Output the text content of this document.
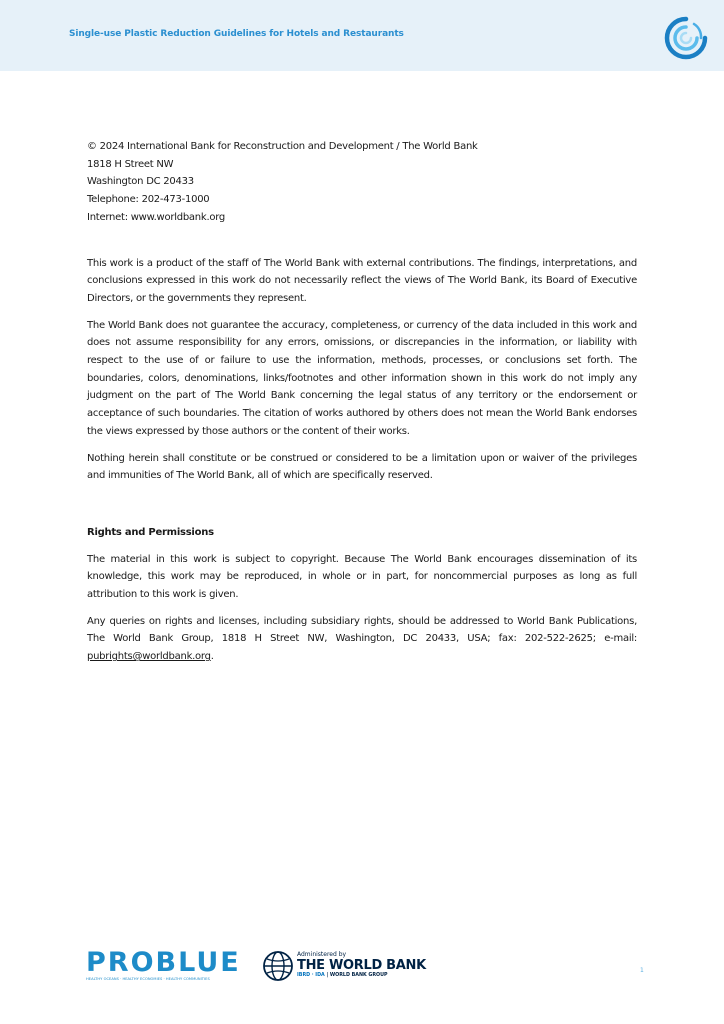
Single-use Plastic Reduction Guidelines for Hotels and Restaurants
© 2024 International Bank for Reconstruction and Development / The World Bank
1818 H Street NW
Washington DC 20433
Telephone: 202-473-1000
Internet: www.worldbank.org

This work is a product of the staff of The World Bank with external contributions. The findings, interpretations, and conclusions expressed in this work do not necessarily reflect the views of The World Bank, its Board of Executive Directors, or the governments they represent.

The World Bank does not guarantee the accuracy, completeness, or currency of the data included in this work and does not assume responsibility for any errors, omissions, or discrepancies in the information, or liability with respect to the use of or failure to use the information, methods, processes, or conclusions set forth. The boundaries, colors, denominations, links/footnotes and other information shown in this work do not imply any judgment on the part of The World Bank concerning the legal status of any territory or the endorsement or acceptance of such boundaries. The citation of works authored by others does not mean the World Bank endorses the views expressed by those authors or the content of their works.

Nothing herein shall constitute or be construed or considered to be a limitation upon or waiver of the privileges and immunities of The World Bank, all of which are specifically reserved.

Rights and Permissions

The material in this work is subject to copyright. Because The World Bank encourages dissemination of its knowledge, this work may be reproduced, in whole or in part, for noncommercial purposes as long as full attribution to this work is given.

Any queries on rights and licenses, including subsidiary rights, should be addressed to World Bank Publications, The World Bank Group, 1818 H Street NW, Washington, DC 20433, USA; fax: 202-522-2625; e-mail: pubrights@worldbank.org.

PROBLUE
HEALTHY OCEANS · HEALTHY ECONOMIES · HEALTHY COMMUNITIES
Administered by
THE WORLD BANK
IBRD · IDA | WORLD BANK GROUP
1
